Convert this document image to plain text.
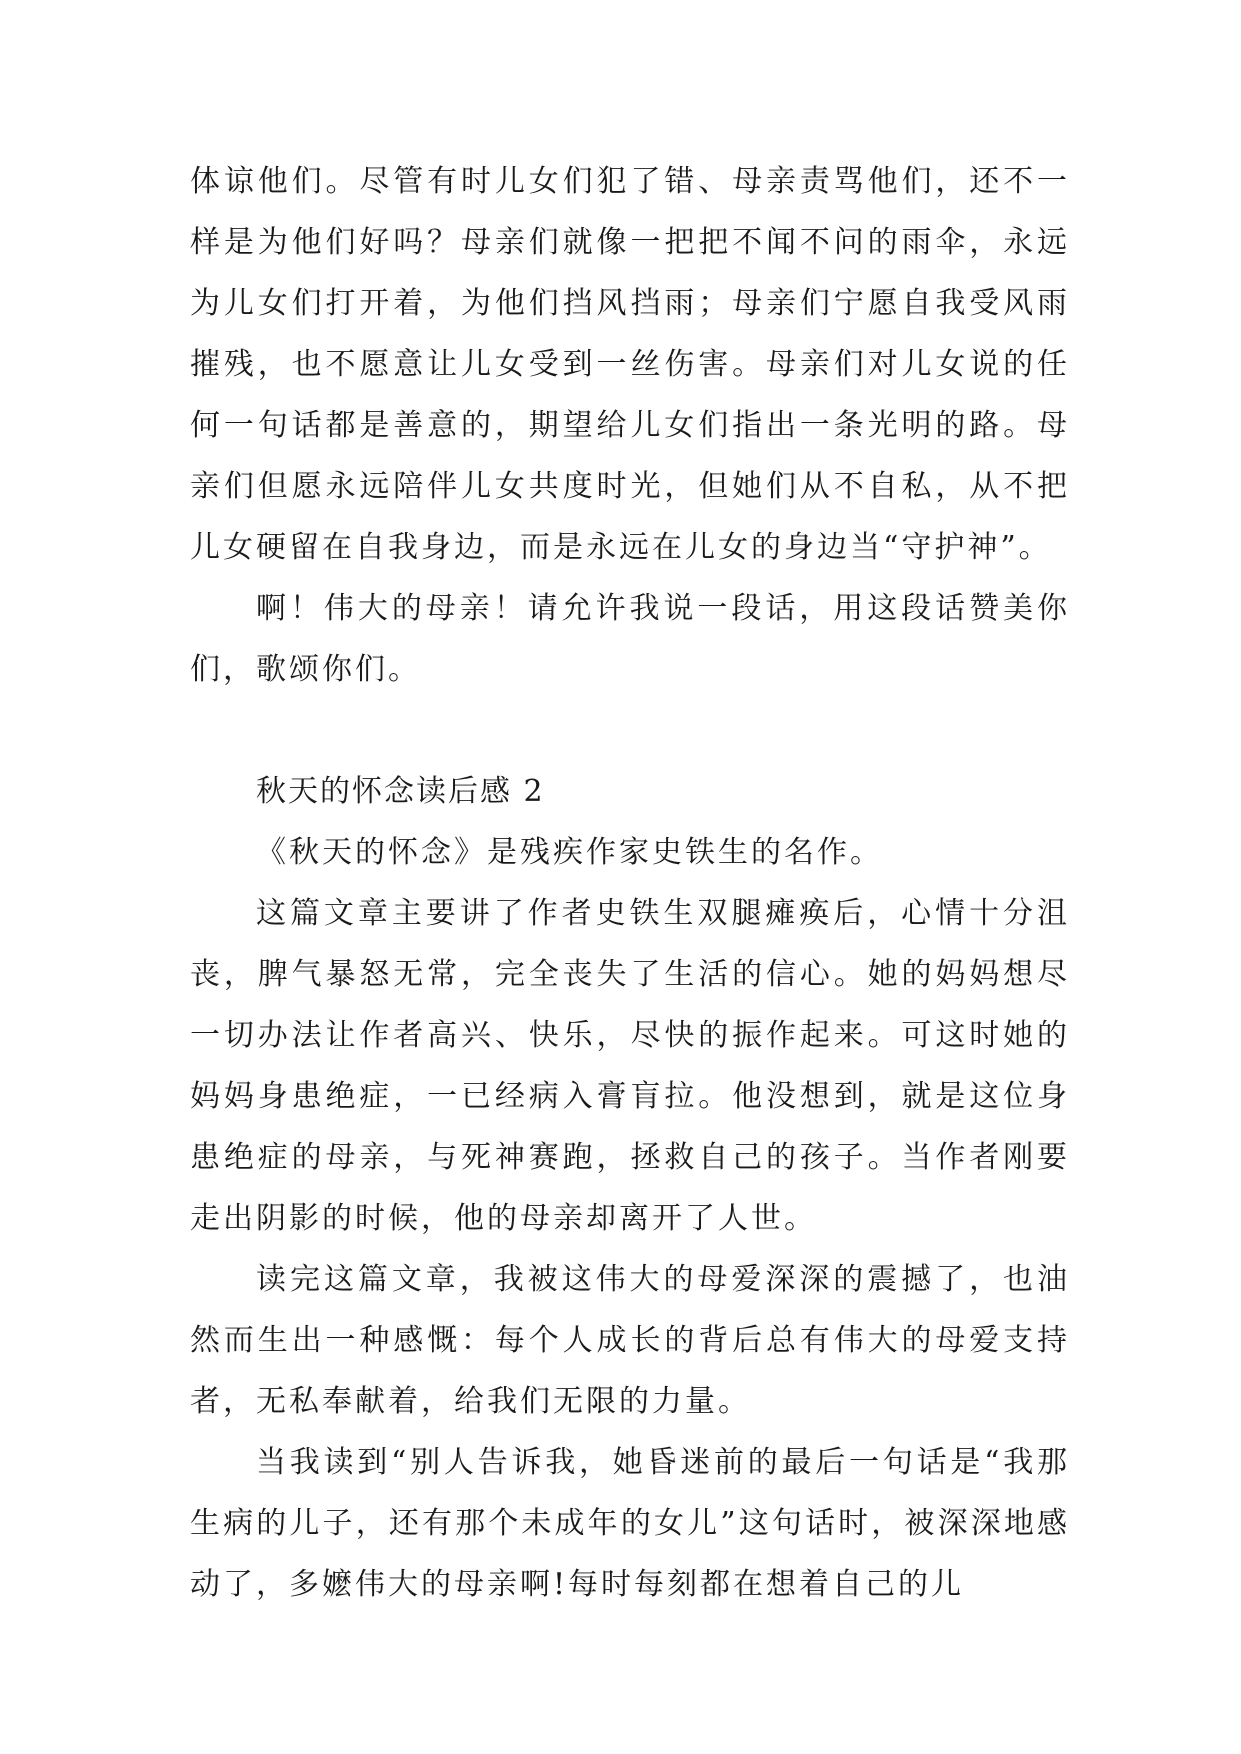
体谅他们。尽管有时儿女们犯了错、母亲责骂他们，还不一样是为他们好吗？母亲们就像一把把不闻不问的雨伞，永远为儿女们打开着，为他们挡风挡雨；母亲们宁愿自我受风雨摧残，也不愿意让儿女受到一丝伤害。母亲们对儿女说的任何一句话都是善意的，期望给儿女们指出一条光明的路。母亲们但愿永远陪伴儿女共度时光，但她们从不自私，从不把儿女硬留在自我身边，而是永远在儿女的身边当“守护神”。

啊！伟大的母亲！请允许我说一段话，用这段话赞美你们，歌颂你们。

秋天的怀念读后感 2

《秋天的怀念》是残疾作家史铁生的名作。

这篇文章主要讲了作者史铁生双腿瘫痪后，心情十分沮丧，脾气暴怒无常，完全丧失了生活的信心。她的妈妈想尽一切办法让作者高兴、快乐，尽快的振作起来。可这时她的妈妈身患绝症，一已经病入膏肓拉。他没想到，就是这位身患绝症的母亲，与死神赛跑，拯救自己的孩子。当作者刚要走出阴影的时候，他的母亲却离开了人世。

读完这篇文章，我被这伟大的母爱深深的震撼了，也油然而生出一种感慨：每个人成长的背后总有伟大的母爱支持者，无私奉献着，给我们无限的力量。

当我读到“别人告诉我，她昏迷前的最后一句话是“我那生病的儿子，还有那个未成年的女儿”这句话时，被深深地感动了，多嬷伟大的母亲啊!每时每刻都在想着自己的儿
